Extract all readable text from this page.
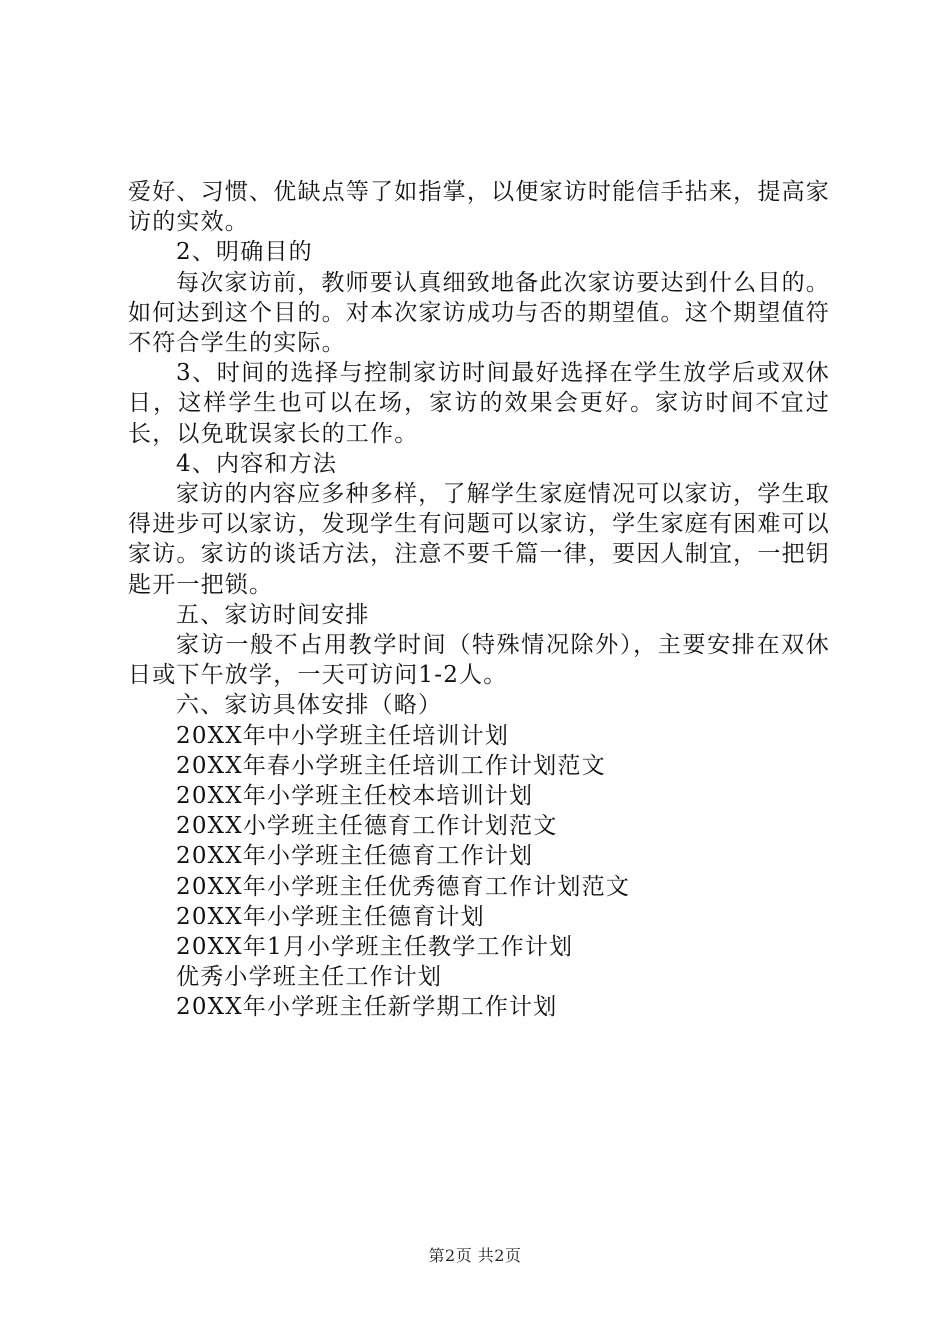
爱好、习惯、优缺点等了如指掌，以便家访时能信手拈来，提高家访的实效。

2、明确目的

每次家访前，教师要认真细致地备此次家访要达到什么目的。如何达到这个目的。对本次家访成功与否的期望值。这个期望值符不符合学生的实际。

3、时间的选择与控制家访时间最好选择在学生放学后或双休日，这样学生也可以在场，家访的效果会更好。家访时间不宜过长，以免耽误家长的工作。

4、内容和方法

家访的内容应多种多样，了解学生家庭情况可以家访，学生取得进步可以家访，发现学生有问题可以家访，学生家庭有困难可以家访。家访的谈话方法，注意不要千篇一律，要因人制宜，一把钥匙开一把锁。

五、家访时间安排

家访一般不占用教学时间（特殊情况除外），主要安排在双休日或下午放学，一天可访问1-2人。

六、家访具体安排（略）

20XX年中小学班主任培训计划

20XX年春小学班主任培训工作计划范文

20XX年小学班主任校本培训计划

20XX小学班主任德育工作计划范文

20XX年小学班主任德育工作计划

20XX年小学班主任优秀德育工作计划范文

20XX年小学班主任德育计划

20XX年1月小学班主任教学工作计划

优秀小学班主任工作计划

20XX年小学班主任新学期工作计划

第2页 共2页
